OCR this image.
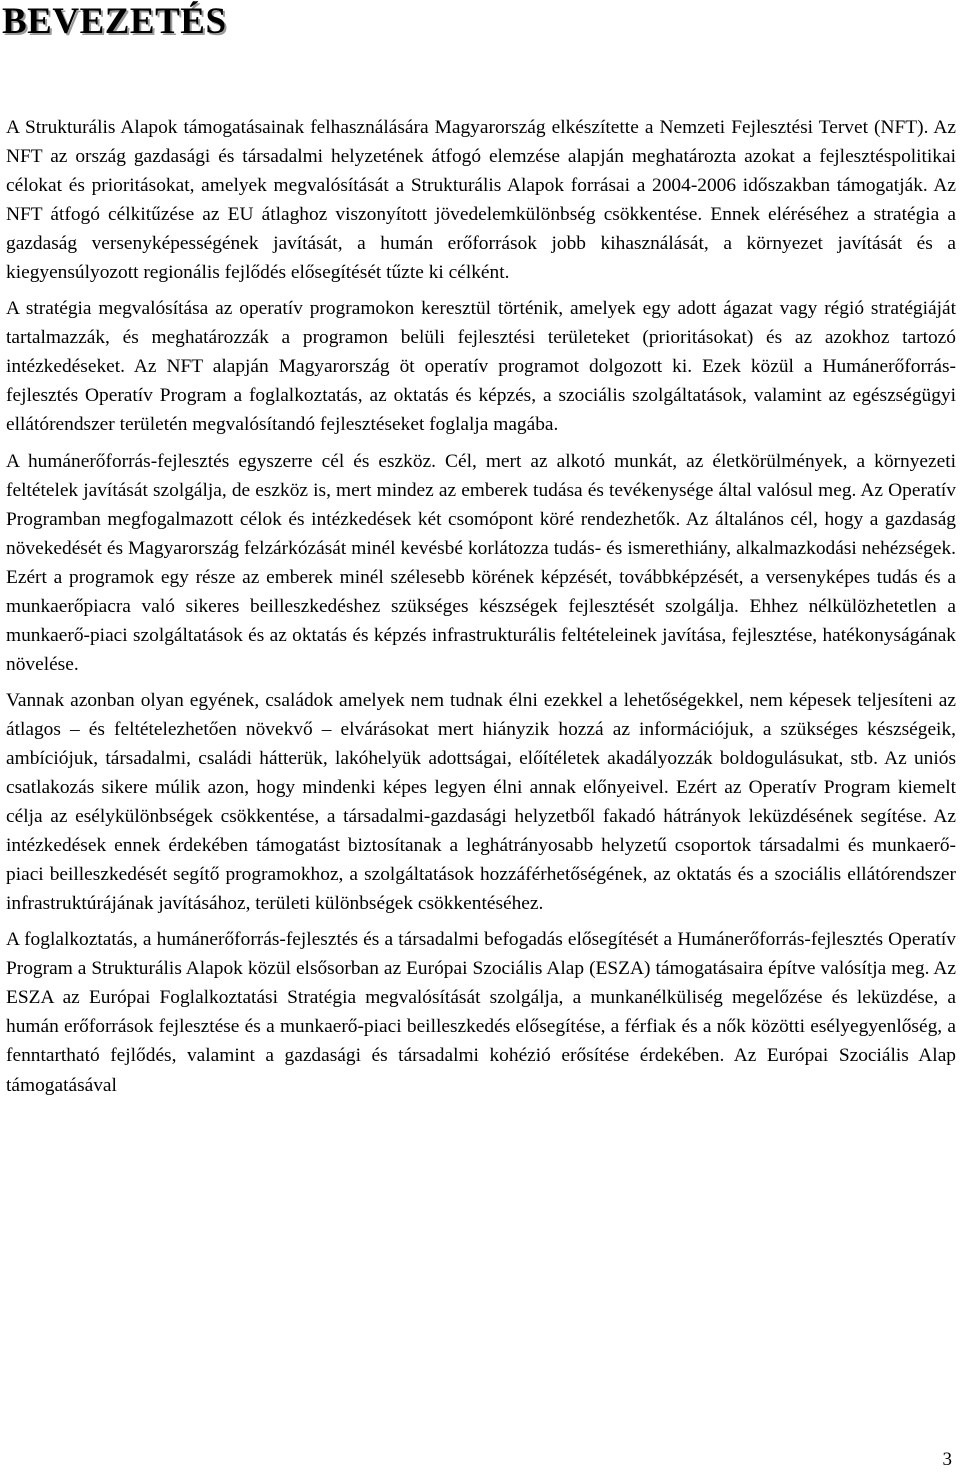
BEVEZETÉS

A Strukturális Alapok támogatásainak felhasználására Magyarország elkészítette a Nemzeti Fejlesztési Tervet (NFT). Az NFT az ország gazdasági és társadalmi helyzetének átfogó elemzése alapján meghatározta azokat a fejlesztéspolitikai célokat és prioritásokat, amelyek megvalósítását a Strukturális Alapok forrásai a 2004-2006 időszakban támogatják. Az NFT átfogó célkitűzése az EU átlaghoz viszonyított jövedelemkülönbség csökkentése. Ennek eléréséhez a stratégia a gazdaság versenyképességének javítását, a humán erőforrások jobb kihasználását, a környezet javítását és a kiegyensúlyozott regionális fejlődés elősegítését tűzte ki célként.

A stratégia megvalósítása az operatív programokon keresztül történik, amelyek egy adott ágazat vagy régió stratégiáját tartalmazzák, és meghatározzák a programon belüli fejlesztési területeket (prioritásokat) és az azokhoz tartozó intézkedéseket. Az NFT alapján Magyarország öt operatív programot dolgozott ki. Ezek közül a Humánerőforrás-fejlesztés Operatív Program a foglalkoztatás, az oktatás és képzés, a szociális szolgáltatások, valamint az egészségügyi ellátórendszer területén megvalósítandó fejlesztéseket foglalja magába.

A humánerőforrás-fejlesztés egyszerre cél és eszköz. Cél, mert az alkotó munkát, az életkörülmények, a környezeti feltételek javítását szolgálja, de eszköz is, mert mindez az emberek tudása és tevékenysége által valósul meg. Az Operatív Programban megfogalmazott célok és intézkedések két csomópont köré rendezhetők. Az általános cél, hogy a gazdaság növekedését és Magyarország felzárkózását minél kevésbé korlátozza tudás- és ismerethiány, alkalmazkodási nehézségek. Ezért a programok egy része az emberek minél szélesebb körének képzését, továbbképzését, a versenyképes tudás és a munkaerőpiacra való sikeres beilleszkedéshez szükséges készségek fejlesztését szolgálja. Ehhez nélkülözhetetlen a munkaerő-piaci szolgáltatások és az oktatás és képzés infrastrukturális feltételeinek javítása, fejlesztése, hatékonyságának növelése.

Vannak azonban olyan egyének, családok amelyek nem tudnak élni ezekkel a lehetőségekkel, nem képesek teljesíteni az átlagos – és feltételezhetően növekvő – elvárásokat mert hiányzik hozzá az információjuk, a szükséges készségeik, ambíciójuk, társadalmi, családi hátterük, lakóhelyük adottságai, előítéletek akadályozzák boldogulásukat, stb. Az uniós csatlakozás sikere múlik azon, hogy mindenki képes legyen élni annak előnyeivel. Ezért az Operatív Program kiemelt célja az esélykülönbségek csökkentése, a társadalmi-gazdasági helyzetből fakadó hátrányok leküzdésének segítése. Az intézkedések ennek érdekében támogatást biztosítanak a leghátrányosabb helyzetű csoportok társadalmi és munkaerő-piaci beilleszkedését segítő programokhoz, a szolgáltatások hozzáférhetőségének, az oktatás és a szociális ellátórendszer infrastruktúrájának javításához, területi különbségek csökkentéséhez.

A foglalkoztatás, a humánerőforrás-fejlesztés és a társadalmi befogadás elősegítését a Humánerőforrás-fejlesztés Operatív Program a Strukturális Alapok közül elsősorban az Európai Szociális Alap (ESZA) támogatásaira építve valósítja meg. Az ESZA az Európai Foglalkoztatási Stratégia megvalósítását szolgálja, a munkanélküliség megelőzése és leküzdése, a humán erőforrások fejlesztése és a munkaerő-piaci beilleszkedés elősegítése, a férfiak és a nők közötti esélyegyenlőség, a fenntartható fejlődés, valamint a gazdasági és társadalmi kohézió erősítése érdekében. Az Európai Szociális Alap támogatásával

3
